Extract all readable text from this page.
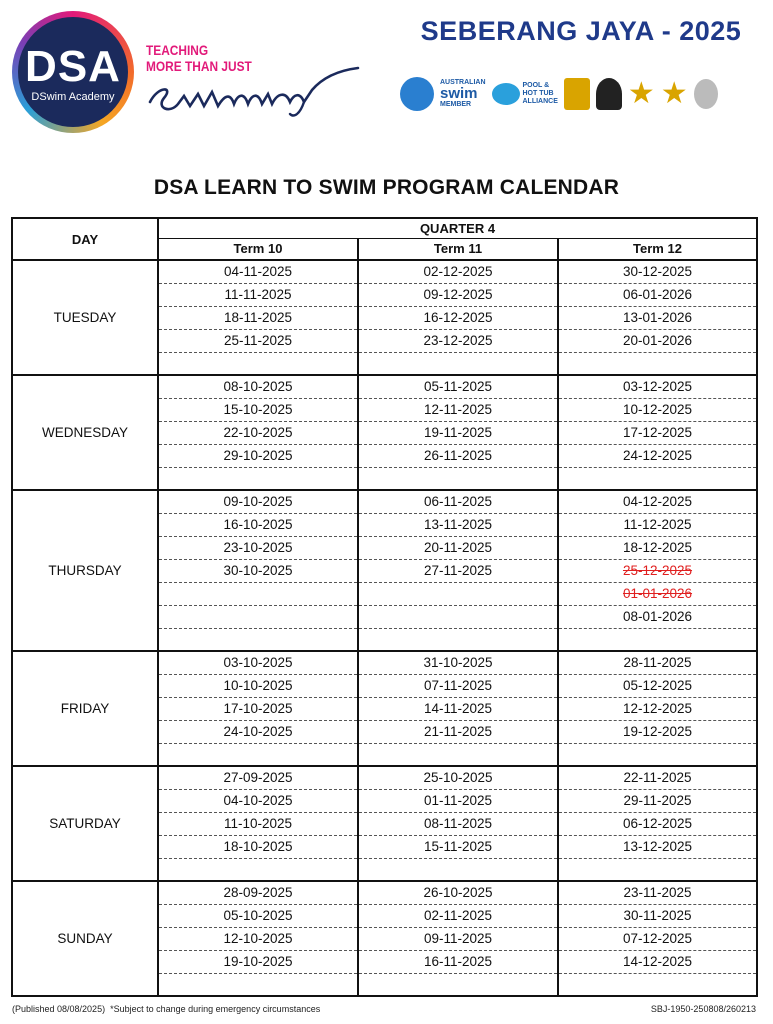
DSA
DSwim Academy
TEACHING
MORE THAN JUST
SEBERANG JAYA - 2025
AUSTRALIAN
swim
MEMBER
POOL &
HOT TUB
ALLIANCE ★ ★
DSA LEARN TO SWIM PROGRAM CALENDAR
DAY	QUARTER 4		
	Term 10	Term 11	Term 12
TUESDAY	04-11-2025	02-12-2025	30-12-2025
	11-11-2025	09-12-2025	06-01-2026
	18-11-2025	16-12-2025	13-01-2026
	25-11-2025	23-12-2025	20-01-2026

WEDNESDAY	08-10-2025	05-11-2025	03-12-2025
	15-10-2025	12-11-2025	10-12-2025
	22-10-2025	19-11-2025	17-12-2025
	29-10-2025	26-11-2025	24-12-2025

THURSDAY	09-10-2025	06-11-2025	04-12-2025
	16-10-2025	13-11-2025	11-12-2025
	23-10-2025	20-11-2025	18-12-2025
	30-10-2025	27-11-2025	25-12-2025
			01-01-2026
			08-01-2026

FRIDAY	03-10-2025	31-10-2025	28-11-2025
	10-10-2025	07-11-2025	05-12-2025
	17-10-2025	14-11-2025	12-12-2025
	24-10-2025	21-11-2025	19-12-2025

SATURDAY	27-09-2025	25-10-2025	22-11-2025
	04-10-2025	01-11-2025	29-11-2025
	11-10-2025	08-11-2025	06-12-2025
	18-10-2025	15-11-2025	13-12-2025

SUNDAY	28-09-2025	26-10-2025	23-11-2025
	05-10-2025	02-11-2025	30-11-2025
	12-10-2025	09-11-2025	07-12-2025
	19-10-2025	16-11-2025	14-12-2025

(Published 08/08/2025) *Subject to change during emergency circumstances	SBJ-1950-250808/260213
